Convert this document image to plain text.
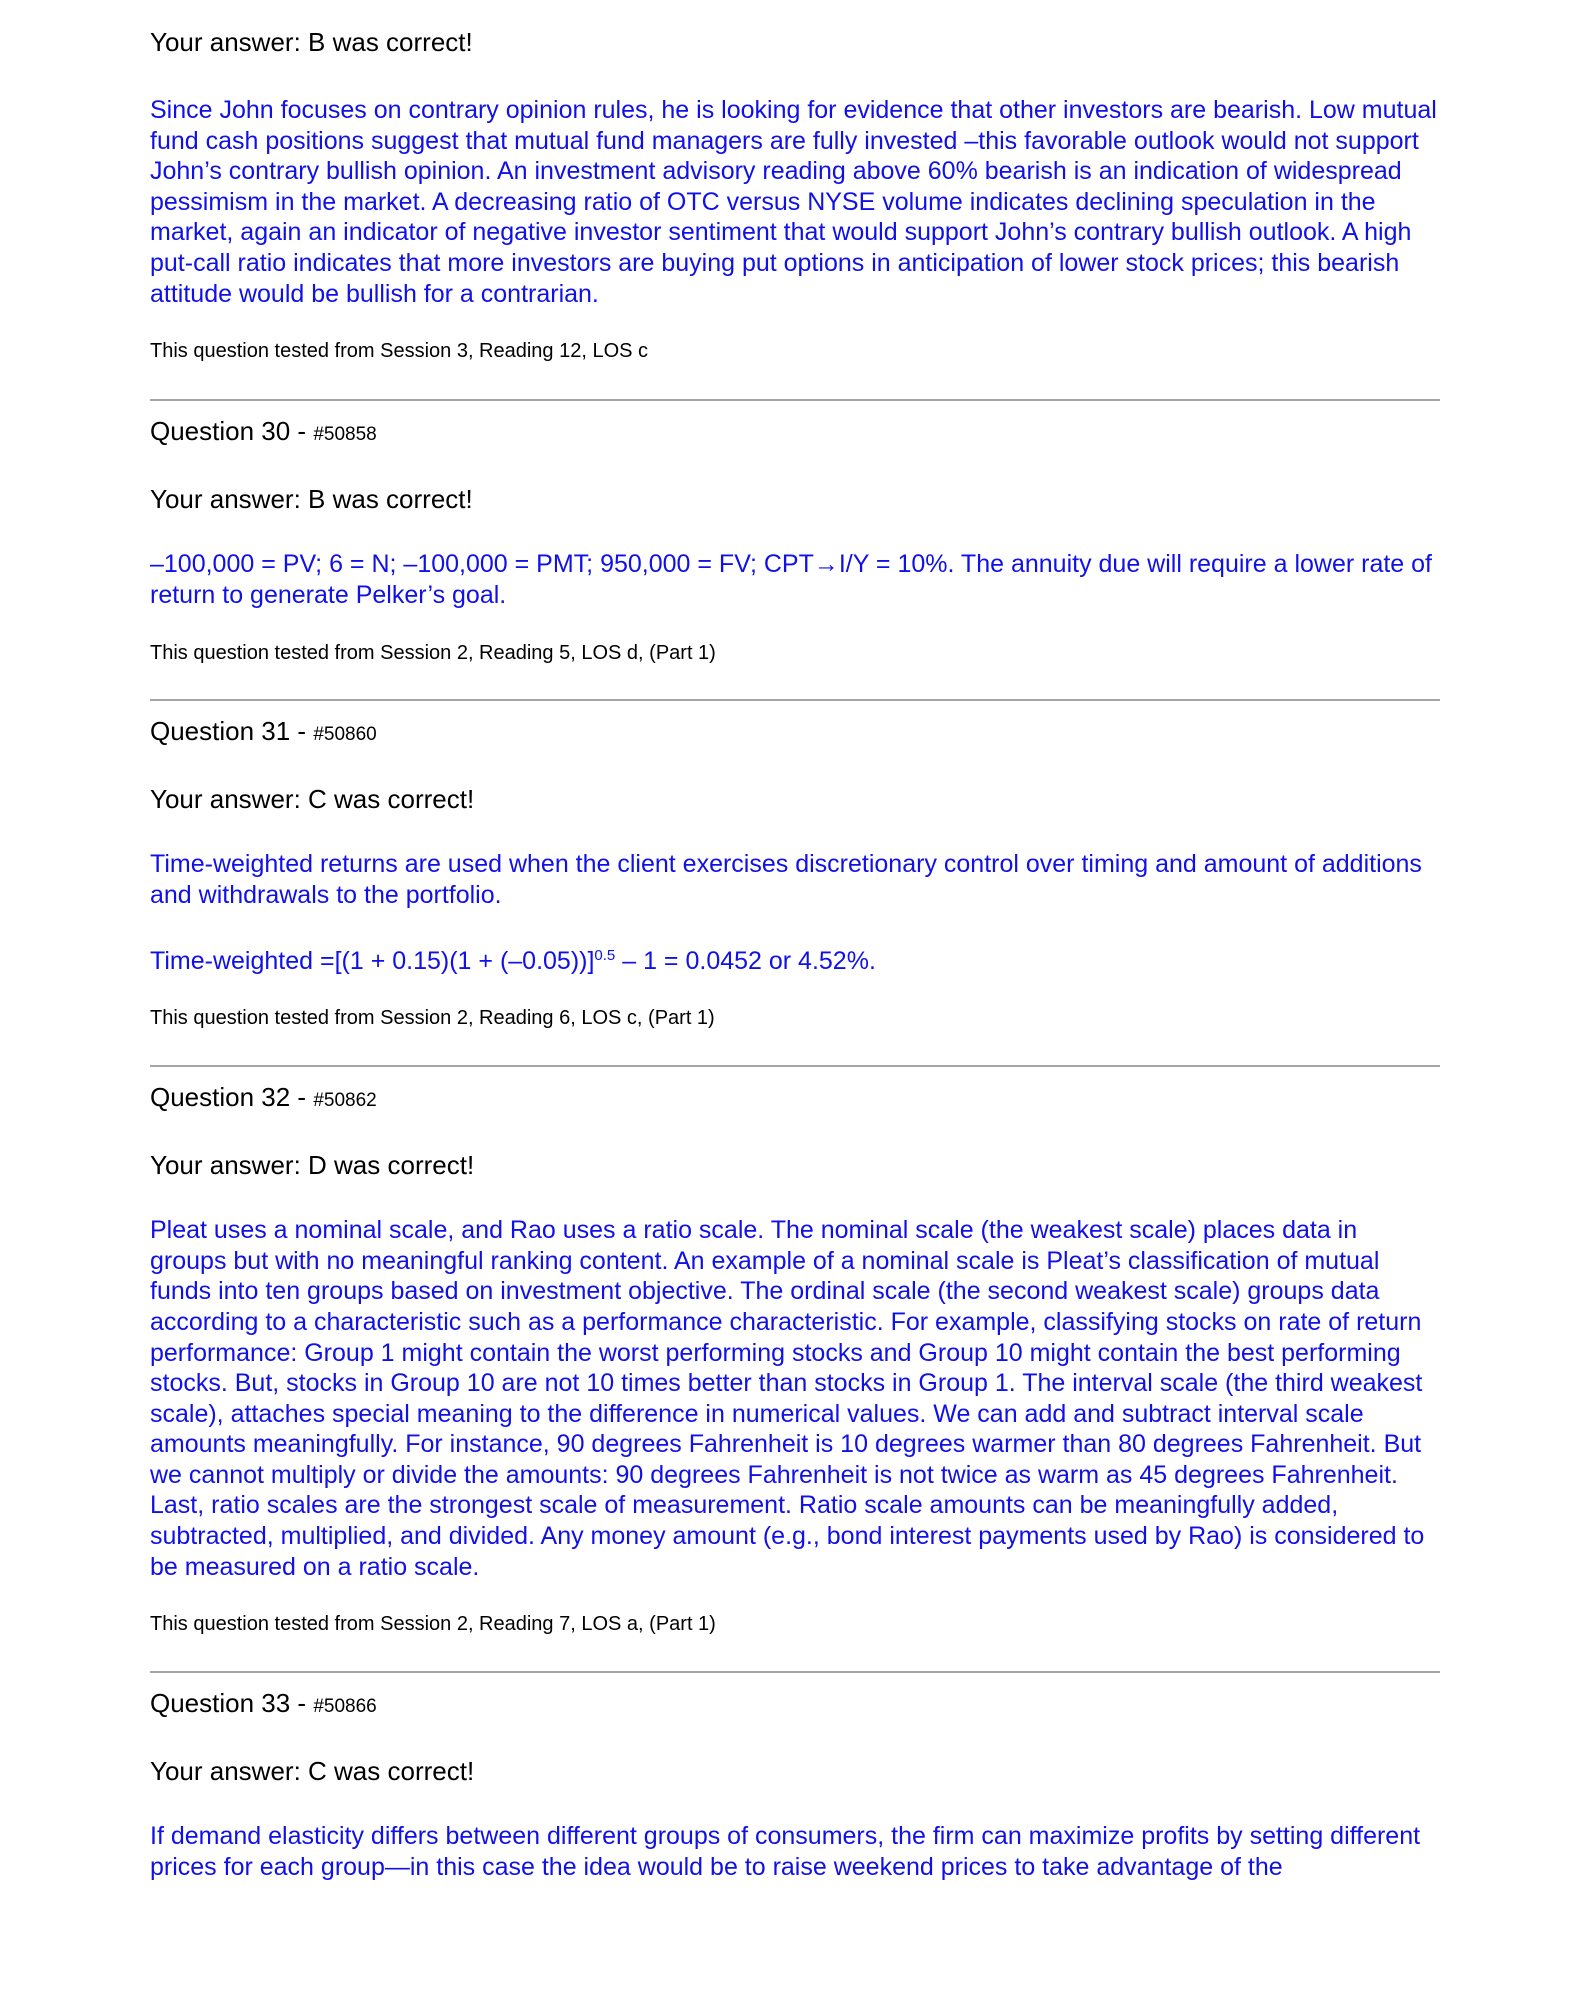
Your answer: B was correct!

Since John focuses on contrary opinion rules, he is looking for evidence that other investors are bearish. Low mutual fund cash positions suggest that mutual fund managers are fully invested –this favorable outlook would not support John’s contrary bullish opinion. An investment advisory reading above 60% bearish is an indication of widespread pessimism in the market. A decreasing ratio of OTC versus NYSE volume indicates declining speculation in the market, again an indicator of negative investor sentiment that would support John’s contrary bullish outlook. A high put-call ratio indicates that more investors are buying put options in anticipation of lower stock prices; this bearish attitude would be bullish for a contrarian.

This question tested from Session 3, Reading 12, LOS c

Question 30 - #50858

Your answer: B was correct!

–100,000 = PV; 6 = N; –100,000 = PMT; 950,000 = FV; CPT→I/Y = 10%. The annuity due will require a lower rate of return to generate Pelker’s goal.

This question tested from Session 2, Reading 5, LOS d, (Part 1)

Question 31 - #50860

Your answer: C was correct!

Time-weighted returns are used when the client exercises discretionary control over timing and amount of additions and withdrawals to the portfolio.

Time-weighted $=[(1 + 0.15)(1 + (-0.05))]^{0.5} - 1 = 0.0452$ or 4.52%.

This question tested from Session 2, Reading 6, LOS c, (Part 1)

Question 32 - #50862

Your answer: D was correct!

Pleat uses a nominal scale, and Rao uses a ratio scale. The nominal scale (the weakest scale) places data in groups but with no meaningful ranking content. An example of a nominal scale is Pleat’s classification of mutual funds into ten groups based on investment objective. The ordinal scale (the second weakest scale) groups data according to a characteristic such as a performance characteristic. For example, classifying stocks on rate of return performance: Group 1 might contain the worst performing stocks and Group 10 might contain the best performing stocks. But, stocks in Group 10 are not 10 times better than stocks in Group 1. The interval scale (the third weakest scale), attaches special meaning to the difference in numerical values. We can add and subtract interval scale amounts meaningfully. For instance, 90 degrees Fahrenheit is 10 degrees warmer than 80 degrees Fahrenheit. But we cannot multiply or divide the amounts: 90 degrees Fahrenheit is not twice as warm as 45 degrees Fahrenheit. Last, ratio scales are the strongest scale of measurement. Ratio scale amounts can be meaningfully added, subtracted, multiplied, and divided. Any money amount (e.g., bond interest payments used by Rao) is considered to be measured on a ratio scale.

This question tested from Session 2, Reading 7, LOS a, (Part 1)

Question 33 - #50866

Your answer: C was correct!

If demand elasticity differs between different groups of consumers, the firm can maximize profits by setting different prices for each group—in this case the idea would be to raise weekend prices to take advantage of the
